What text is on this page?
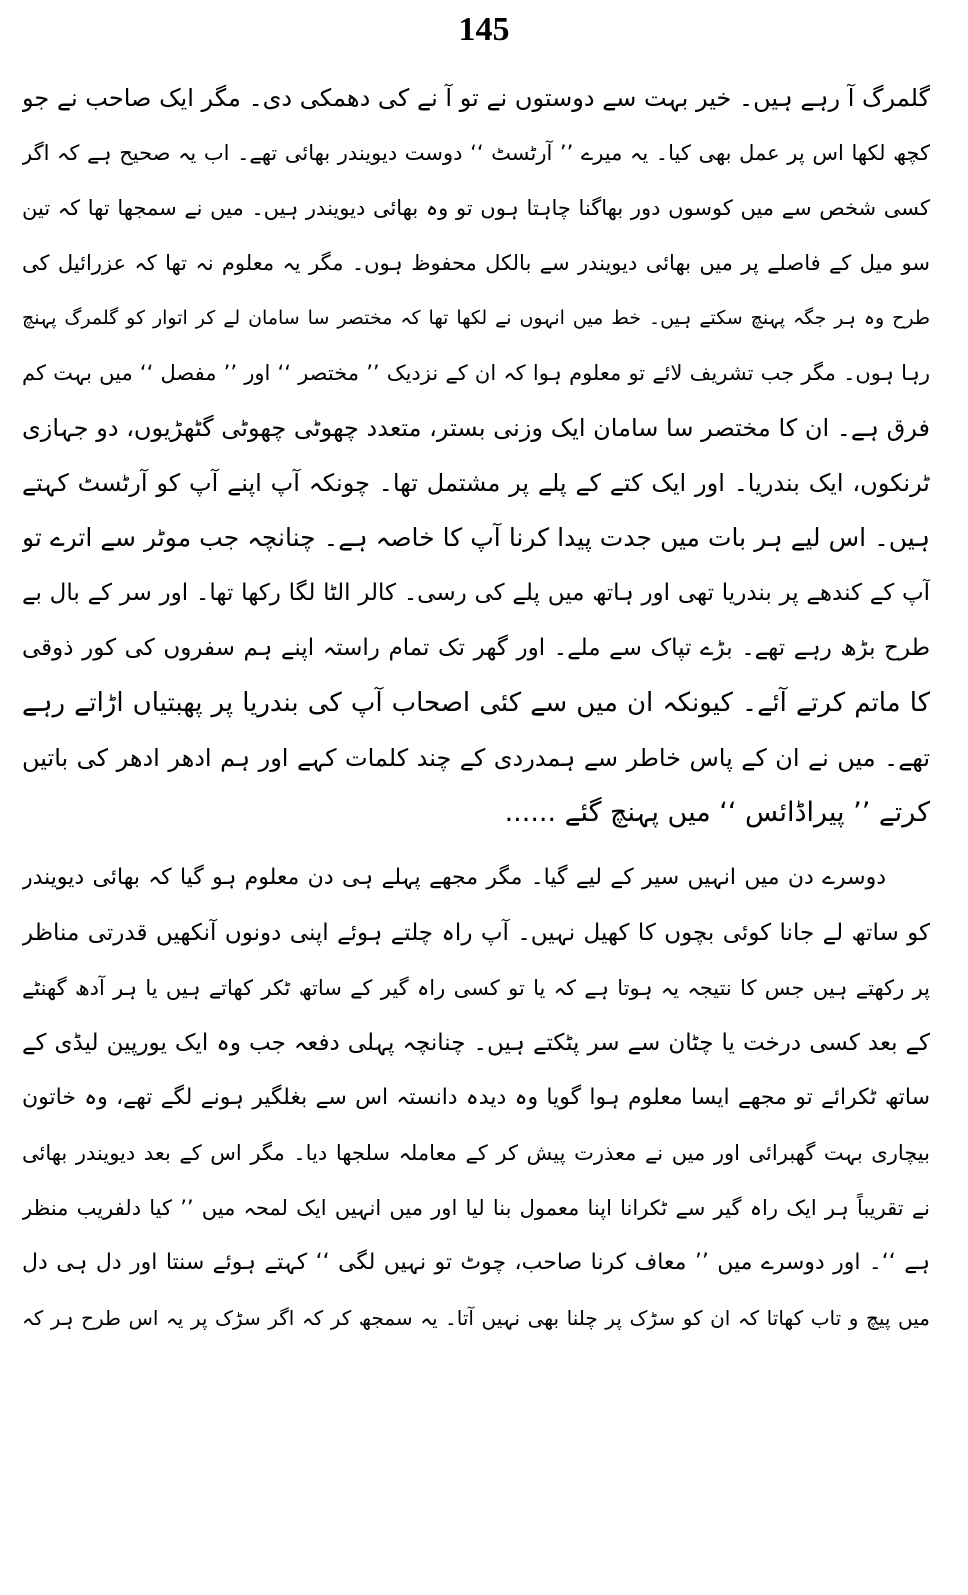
145
گلمرگ آ رہے ہیں۔ خیر بہت سے دوستوں نے تو آ نے کی دھمکی دی۔ مگر ایک صاحب نے جو
کچھ لکھا اس پر عمل بھی کیا۔ یہ میرے ’’ آرٹسٹ ‘‘ دوست دیویندر بھائی تھے۔ اب یہ صحیح ہے کہ اگر
کسی شخص سے میں کوسوں دور بھاگنا چاہتا ہوں تو وہ بھائی دیویندر ہیں۔ میں نے سمجھا تھا کہ تین
سو میل کے فاصلے پر میں بھائی دیویندر سے بالکل محفوظ ہوں۔ مگر یہ معلوم نہ تھا کہ عزرائیل کی
طرح وہ ہر جگہ پہنچ سکتے ہیں۔ خط میں انہوں نے لکھا تھا کہ مختصر سا سامان لے کر اتوار کو گلمرگ پہنچ
رہا ہوں۔ مگر جب تشریف لائے تو معلوم ہوا کہ ان کے نزدیک ’’ مختصر ‘‘ اور ’’ مفصل ‘‘ میں بہت کم
فرق ہے۔ ان کا مختصر سا سامان ایک وزنی بستر، متعدد چھوٹی چھوٹی گٹھڑیوں، دو جہازی
ٹرنکوں، ایک بندریا۔ اور ایک کتے کے پلے پر مشتمل تھا۔ چونکہ آپ اپنے آپ کو آرٹسٹ کہتے
ہیں۔ اس لیے ہر بات میں جدت پیدا کرنا آپ کا خاصہ ہے۔ چنانچہ جب موٹر سے اترے تو
آپ کے کندھے پر بندریا تھی اور ہاتھ میں پلے کی رسی۔ کالر الٹا لگا رکھا تھا۔ اور سر کے بال بے
طرح بڑھ رہے تھے۔ بڑے تپاک سے ملے۔ اور گھر تک تمام راستہ اپنے ہم سفروں کی کور ذوقی
کا ماتم کرتے آئے۔ کیونکہ ان میں سے کئی اصحاب آپ کی بندریا پر پھبتیاں اڑاتے رہے
تھے۔ میں نے ان کے پاس خاطر سے ہمدردی کے چند کلمات کہے اور ہم ادھر ادھر کی باتیں
کرتے ’’ پیراڈائس ‘‘ میں پہنچ گئے ......
دوسرے دن میں انہیں سیر کے لیے گیا۔ مگر مجھے پہلے ہی دن معلوم ہو گیا کہ بھائی دیویندر
کو ساتھ لے جانا کوئی بچوں کا کھیل نہیں۔ آپ راہ چلتے ہوئے اپنی دونوں آنکھیں قدرتی مناظر
پر رکھتے ہیں جس کا نتیجہ یہ ہوتا ہے کہ یا تو کسی راہ گیر کے ساتھ ٹکر کھاتے ہیں یا ہر آدھ گھنٹے
کے بعد کسی درخت یا چٹان سے سر پٹکتے ہیں۔ چنانچہ پہلی دفعہ جب وہ ایک یورپین لیڈی کے
ساتھ ٹکرائے تو مجھے ایسا معلوم ہوا گویا وہ دیدہ دانستہ اس سے بغلگیر ہونے لگے تھے، وہ خاتون
بیچاری بہت گھبرائی اور میں نے معذرت پیش کر کے معاملہ سلجھا دیا۔ مگر اس کے بعد دیویندر بھائی
نے تقریباً ہر ایک راہ گیر سے ٹکرانا اپنا معمول بنا لیا اور میں انہیں ایک لمحہ میں ’’ کیا دلفریب منظر
ہے ‘‘۔ اور دوسرے میں ’’ معاف کرنا صاحب، چوٹ تو نہیں لگی ‘‘ کہتے ہوئے سنتا اور دل ہی دل
میں پیچ و تاب کھاتا کہ ان کو سڑک پر چلنا بھی نہیں آتا۔ یہ سمجھ کر کہ اگر سڑک پر یہ اس طرح ہر کہ
